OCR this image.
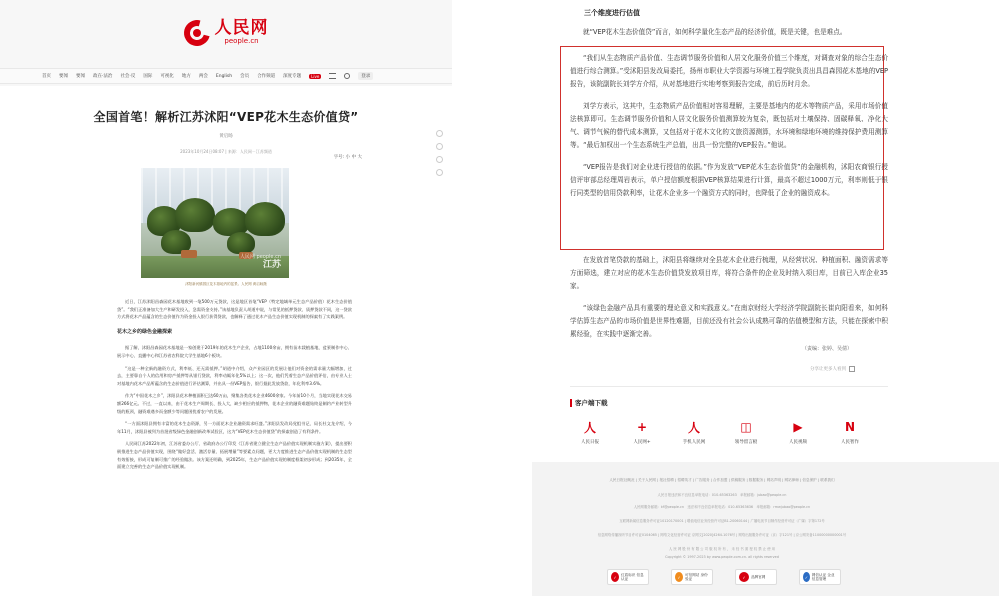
人民网
people.cn
首页 要闻 要闻 政在·法治 社会·反 国际 可视化 地方 两会 English 会员 合作频道 深度专题	Live	登录
全国首笔！解析江苏沭阳“VEP花木生态价值贷”
黄启旸
2023年10月24日08:07 | 来源：人民网－江苏频道
字号: 小 中 大
人民网 people.cn
江苏
沭阳新河镇园区花木基地内的盆景。人民网 黄启旸摄

近日，江苏沭阳昌森园花木基地收到一笔500万元贷款，这是地区首笔“VEP（特定地域单元生态产品价值）花木生态价值贷”。“我们正准备加大生产和研发投入，急需资金支持。”该基地负责人胡道中说，与常见的抵押贷款、质押贷款不同，这一贷款方式将花木产品蕴含的生态价值作为资金投入银行获得贷款，也解释了通过花木产品生态价值实现机制的探索有了实践案例。

花木之乡的绿色金融探索

据了解，沭阳昌森园花木基地是一家创建于2019年的花木生产企业，占地1100余亩，拥有苗木栽植基地、盆景制作中心、展示中心、直播中心和江苏省农科院大学生基地6个板块。

“这是一种全新的融资方式，利率低、还无需抵押。”胡道中介绍，众产业园区的发展让他们对资金的需求量大幅增加，过去，主要靠自个人的信用和房产抵押等从银行贷款，利率动辄年化5%以上；这一次，他们凭着生态产品价值评估，由专业人士对基地内花木产品所蕴含的生态价值进行评估测算，并出具一份VEP报告，银行据此发放贷款，年化利率3.6%。

作为“中国花木之乡”，沭阳县花木种植面积已达60万亩，聚集各类花木企业4600余家。今年前10个月，当地实现花木交易额266亿元。不过，一直以来，由于花木生产周期长、投入大，缺少相应的抵押物，花木企业的融资难题始终是制约产业转型升级的瓶颈，融资难遇多而金额少等问题困扰着农户的发展。

“一方面沭阳县拥有丰富的花木生态资源，另一方面花木企业融资需求旺盛。”沭阳县发改局党组书记、局长杜文龙介绍，今年11月，沭阳县被列为首批省级绿色金融创新改革试验区，这为“VEP花木生态价值贷”的探索创造了有利条件。

人民网江苏2022年初，江苏省委办公厅、省政府办公厅印发《江苏省建立健全生态产品价值实现机制实施方案》，提出要积极推进生态产品价值实现，围绕“做好盘活、激活存量、拓展增量”等要素点问题，更大力度推进生态产品价值实现机制的生态型有效衔接，形成可复制可推广的经验做法。该方案还明确，到2025年，生态产品价值实现的制度框架初步形成；到2035年，全面建立完善的生态产品价值实现机制。

三个维度进行估值

就“VEP花木生态价值贷”而言，如何科学量化生态产品的经济价值，既是关键，也是难点。

“我们从生态物质产品价值、生态调节服务价值和人居文化服务价值三个维度，对调查对象的综合生态价值进行综合测算。”受沭阳县发改局委托，扬州市职业大学资源与环境工程学院负责出具昌森园花木基地的VEP报告，该院副院长刘学方介绍，从对基地进行实地考察到报告完成，前后历时月余。

刘学方表示，这其中，生态物质产品价值相对容易理解，主要是基地内的花木等物质产品，采用市场价值法核算即可。生态调节服务价值和人居文化服务价值测算较为复杂，既包括对土壤保持、固碳释氧、净化大气、调节气候的替代成本测算，又包括对于花木文化的文旅资源测算，水环境和绿地环境的维持保护费用测算等。“最后加权出一个生态系统生产总值，出具一份完整的VEP报告。”他说。

“VEP报告是我们对企业进行授信的依据。”作为发放“VEP花木生态价值贷”的金融机构，沭阳农商银行授信评审部总经理周岩表示，单户授信额度根据VEP核算结果进行计算，最高不超过1000万元，利率则低于银行同类型的信用贷款利率，让花木企业多一个融资方式的同时，也降低了企业的融资成本。

在发放首笔贷款的基础上，沭阳县将继续对全县花木企业进行梳理，从经营状况、种植面积、融资需求等方面筛选，建立对应的花木生态价值贷发放项目库，将符合条件的企业及时纳入项目库，目前已入库企业35家。

“该绿色金融产品具有重要的理论意义和实践意义。”在南京财经大学经济学院副院长崔向阳看来，如何科学估算生态产品的市场价值是世界性难题，目前还没有社会公认成熟可靠的估值模型和方法，只能在探索中积累经验，在实践中逐渐完善。

（责编：张婷、吴倩）
分享让更多人看到
客户端下载
人
人民日报
+
人民网+
人
手机人民网
◫
领导留言板
▶
人民视频
Ν
人民智作
人民日报社概况 | 关于人民网 | 报社招聘 | 招聘英才 | 广告服务 | 合作加盟 | 供稿服务 | 数据服务 | 网站声明 | 网站律师 | 信息保护 | 联系我们
人民日报违法和不良信息举报电话：010-65363263　举报邮箱：jubao@people.cn
人民网服务邮箱：kf@people.cn　违法和不良信息举报电话：010-65363636　举报邮箱：rmwjubao@people.cn
互联网新闻信息服务许可证10120170001 | 增值电信业务经营许可证B1-20060144 | 广播电视节目制作经营许可证（广媒）字第172号
信息网络传播视听节目许可证0104065 | 网络文化经营许可证 京网文[2020]4264-1076号 | 网络出版服务许可证（京）字121号 | 京公网安备11000000000001号
人 民 网 股 份 有 限 公 司 版 权 所 有 ， 未 经 书 面 授 权 禁 止 使 用
Copyright © 1997-2023 by www.people.com.cn. all rights reserved
✓	红盾标识 信息认证	✓	可信网站 身份验证	✓	品牌官网	✓	网信认证 企业信息管理
